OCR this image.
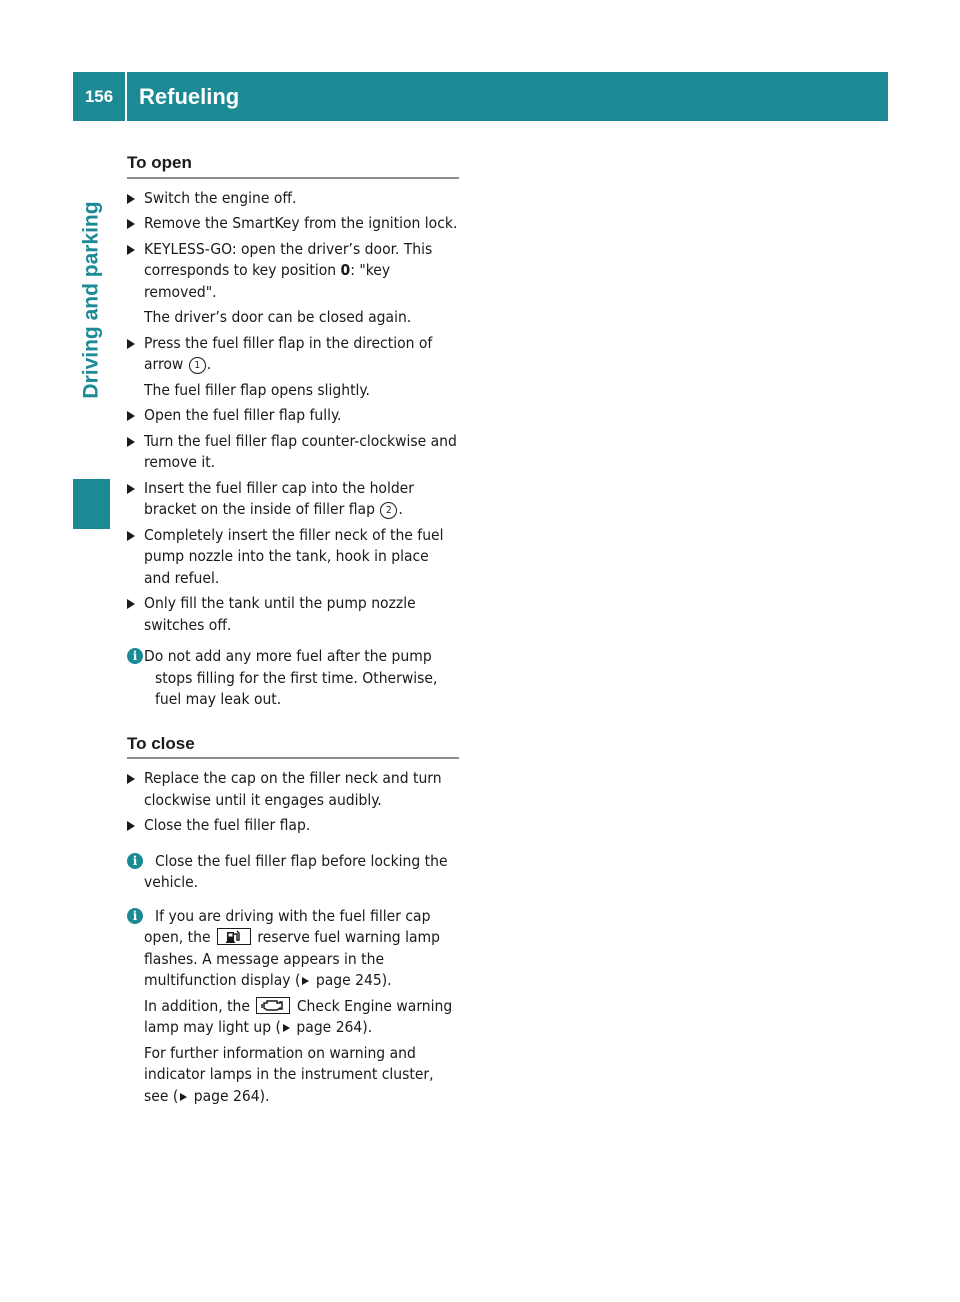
156	Refueling
Driving and parking
To open
Switch the engine off.
Remove the SmartKey from the ignition lock.
KEYLESS-GO: open the driver’s door. This corresponds to key position 0: "key removed".
The driver’s door can be closed again.
Press the fuel filler flap in the direction of arrow 1 .
The fuel filler flap opens slightly.
Open the fuel filler flap fully.
Turn the fuel filler flap counter-clockwise and remove it.
Insert the fuel filler cap into the holder bracket on the inside of filler flap 2 .
Completely insert the filler neck of the fuel pump nozzle into the tank, hook in place and refuel.
Only fill the tank until the pump nozzle switches off.
i Do not add any more fuel after the pump stops filling for the first time. Otherwise, fuel may leak out.
To close
Replace the cap on the filler neck and turn clockwise until it engages audibly.
Close the fuel filler flap.
i	Close the fuel filler flap before locking the vehicle.
i	If you are driving with the fuel filler cap open, the
reserve fuel warning lamp flashes. A message appears in the multifunction display ( page 245).
In addition, the
Check Engine warning lamp may light up ( page 264).
For further information on warning and indicator lamps in the instrument cluster, see ( page 264).
